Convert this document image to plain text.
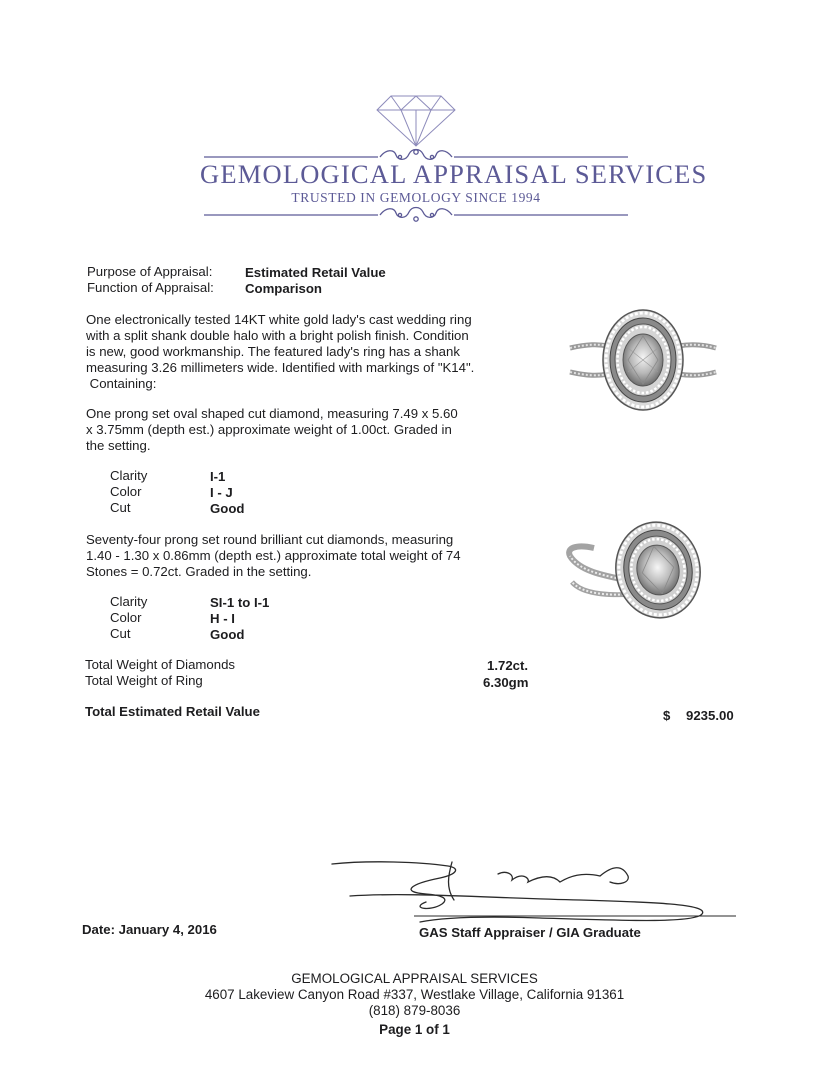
GEMOLOGICAL APPRAISAL SERVICES
TRUSTED IN GEMOLOGY SINCE 1994
Purpose of Appraisal: Estimated Retail Value
Function of Appraisal: Comparison
One electronically tested 14KT white gold lady's cast wedding ring
with a split shank double halo with a bright polish finish. Condition
is new, good workmanship. The featured lady's ring has a shank
measuring 3.26 millimeters wide. Identified with markings of "K14".
Containing:
One prong set oval shaped cut diamond, measuring 7.49 x 5.60
x 3.75mm (depth est.) approximate weight of 1.00ct. Graded in
the setting.
Clarity	I-1
Color	I - J
Cut	Good
Seventy-four prong set round brilliant cut diamonds, measuring
1.40 - 1.30 x 0.86mm (depth est.) approximate total weight of 74
Stones = 0.72ct. Graded in the setting.
Clarity	SI-1 to I-1
Color	H - I
Cut	Good
Total Weight of Diamonds	1.72ct.
Total Weight of Ring	6.30gm
Total Estimated Retail Value	$ 9235.00
Date: January 4, 2016	GAS Staff Appraiser / GIA Graduate
GEMOLOGICAL APPRAISAL SERVICES
4607 Lakeview Canyon Road #337, Westlake Village, California 91361
(818) 879-8036
Page 1 of 1
